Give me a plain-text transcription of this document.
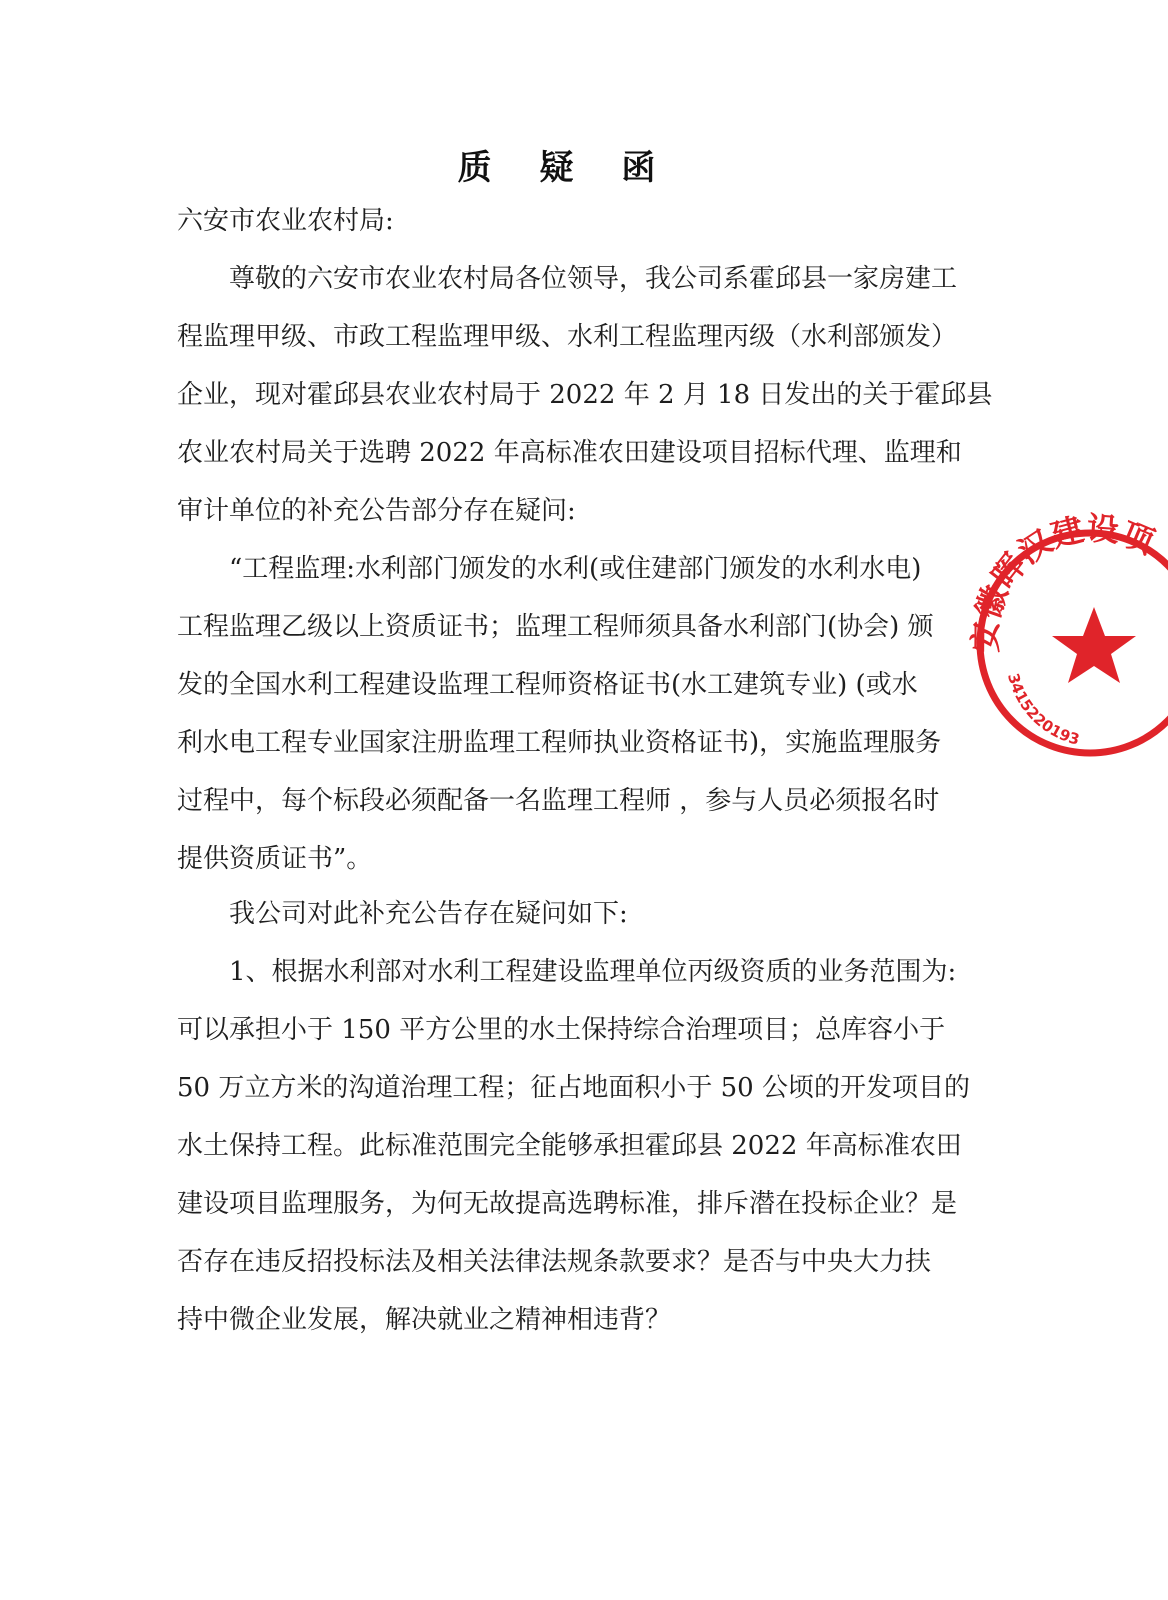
质 疑 函
六安市农业农村局:
　　尊敬的六安市农业农村局各位领导，我公司系霍邱县一家房建工
程监理甲级、市政工程监理甲级、水利工程监理丙级（水利部颁发）
企业，现对霍邱县农业农村局于 2022 年 2 月 18 日发出的关于霍邱县
农业农村局关于选聘 2022 年高标准农田建设项目招标代理、监理和
审计单位的补充公告部分存在疑问:
　　“工程监理:水利部门颁发的水利(或住建部门颁发的水利水电)
工程监理乙级以上资质证书；监理工程师须具备水利部门(协会) 颁
发的全国水利工程建设监理工程师资格证书(水工建筑专业) (或水
利水电工程专业国家注册监理工程师执业资格证书)，实施监理服务
过程中，每个标段必须配备一名监理工程师 ，参与人员必须报名时
提供资质证书”。
　　我公司对此补充公告存在疑问如下:
　　1、根据水利部对水利工程建设监理单位丙级资质的业务范围为:
可以承担小于 150 平方公里的水土保持综合治理项目；总库容小于
50 万立方米的沟道治理工程；征占地面积小于 50 公顷的开发项目的
水土保持工程。此标准范围完全能够承担霍邱县 2022 年高标准农田
建设项目监理服务，为何无故提高选聘标准，排斥潜在投标企业？是
否存在违反招投标法及相关法律法规条款要求？是否与中央大力扶
持中微企业发展，解决就业之精神相违背？
安徽晖汉建设项
3415220193
